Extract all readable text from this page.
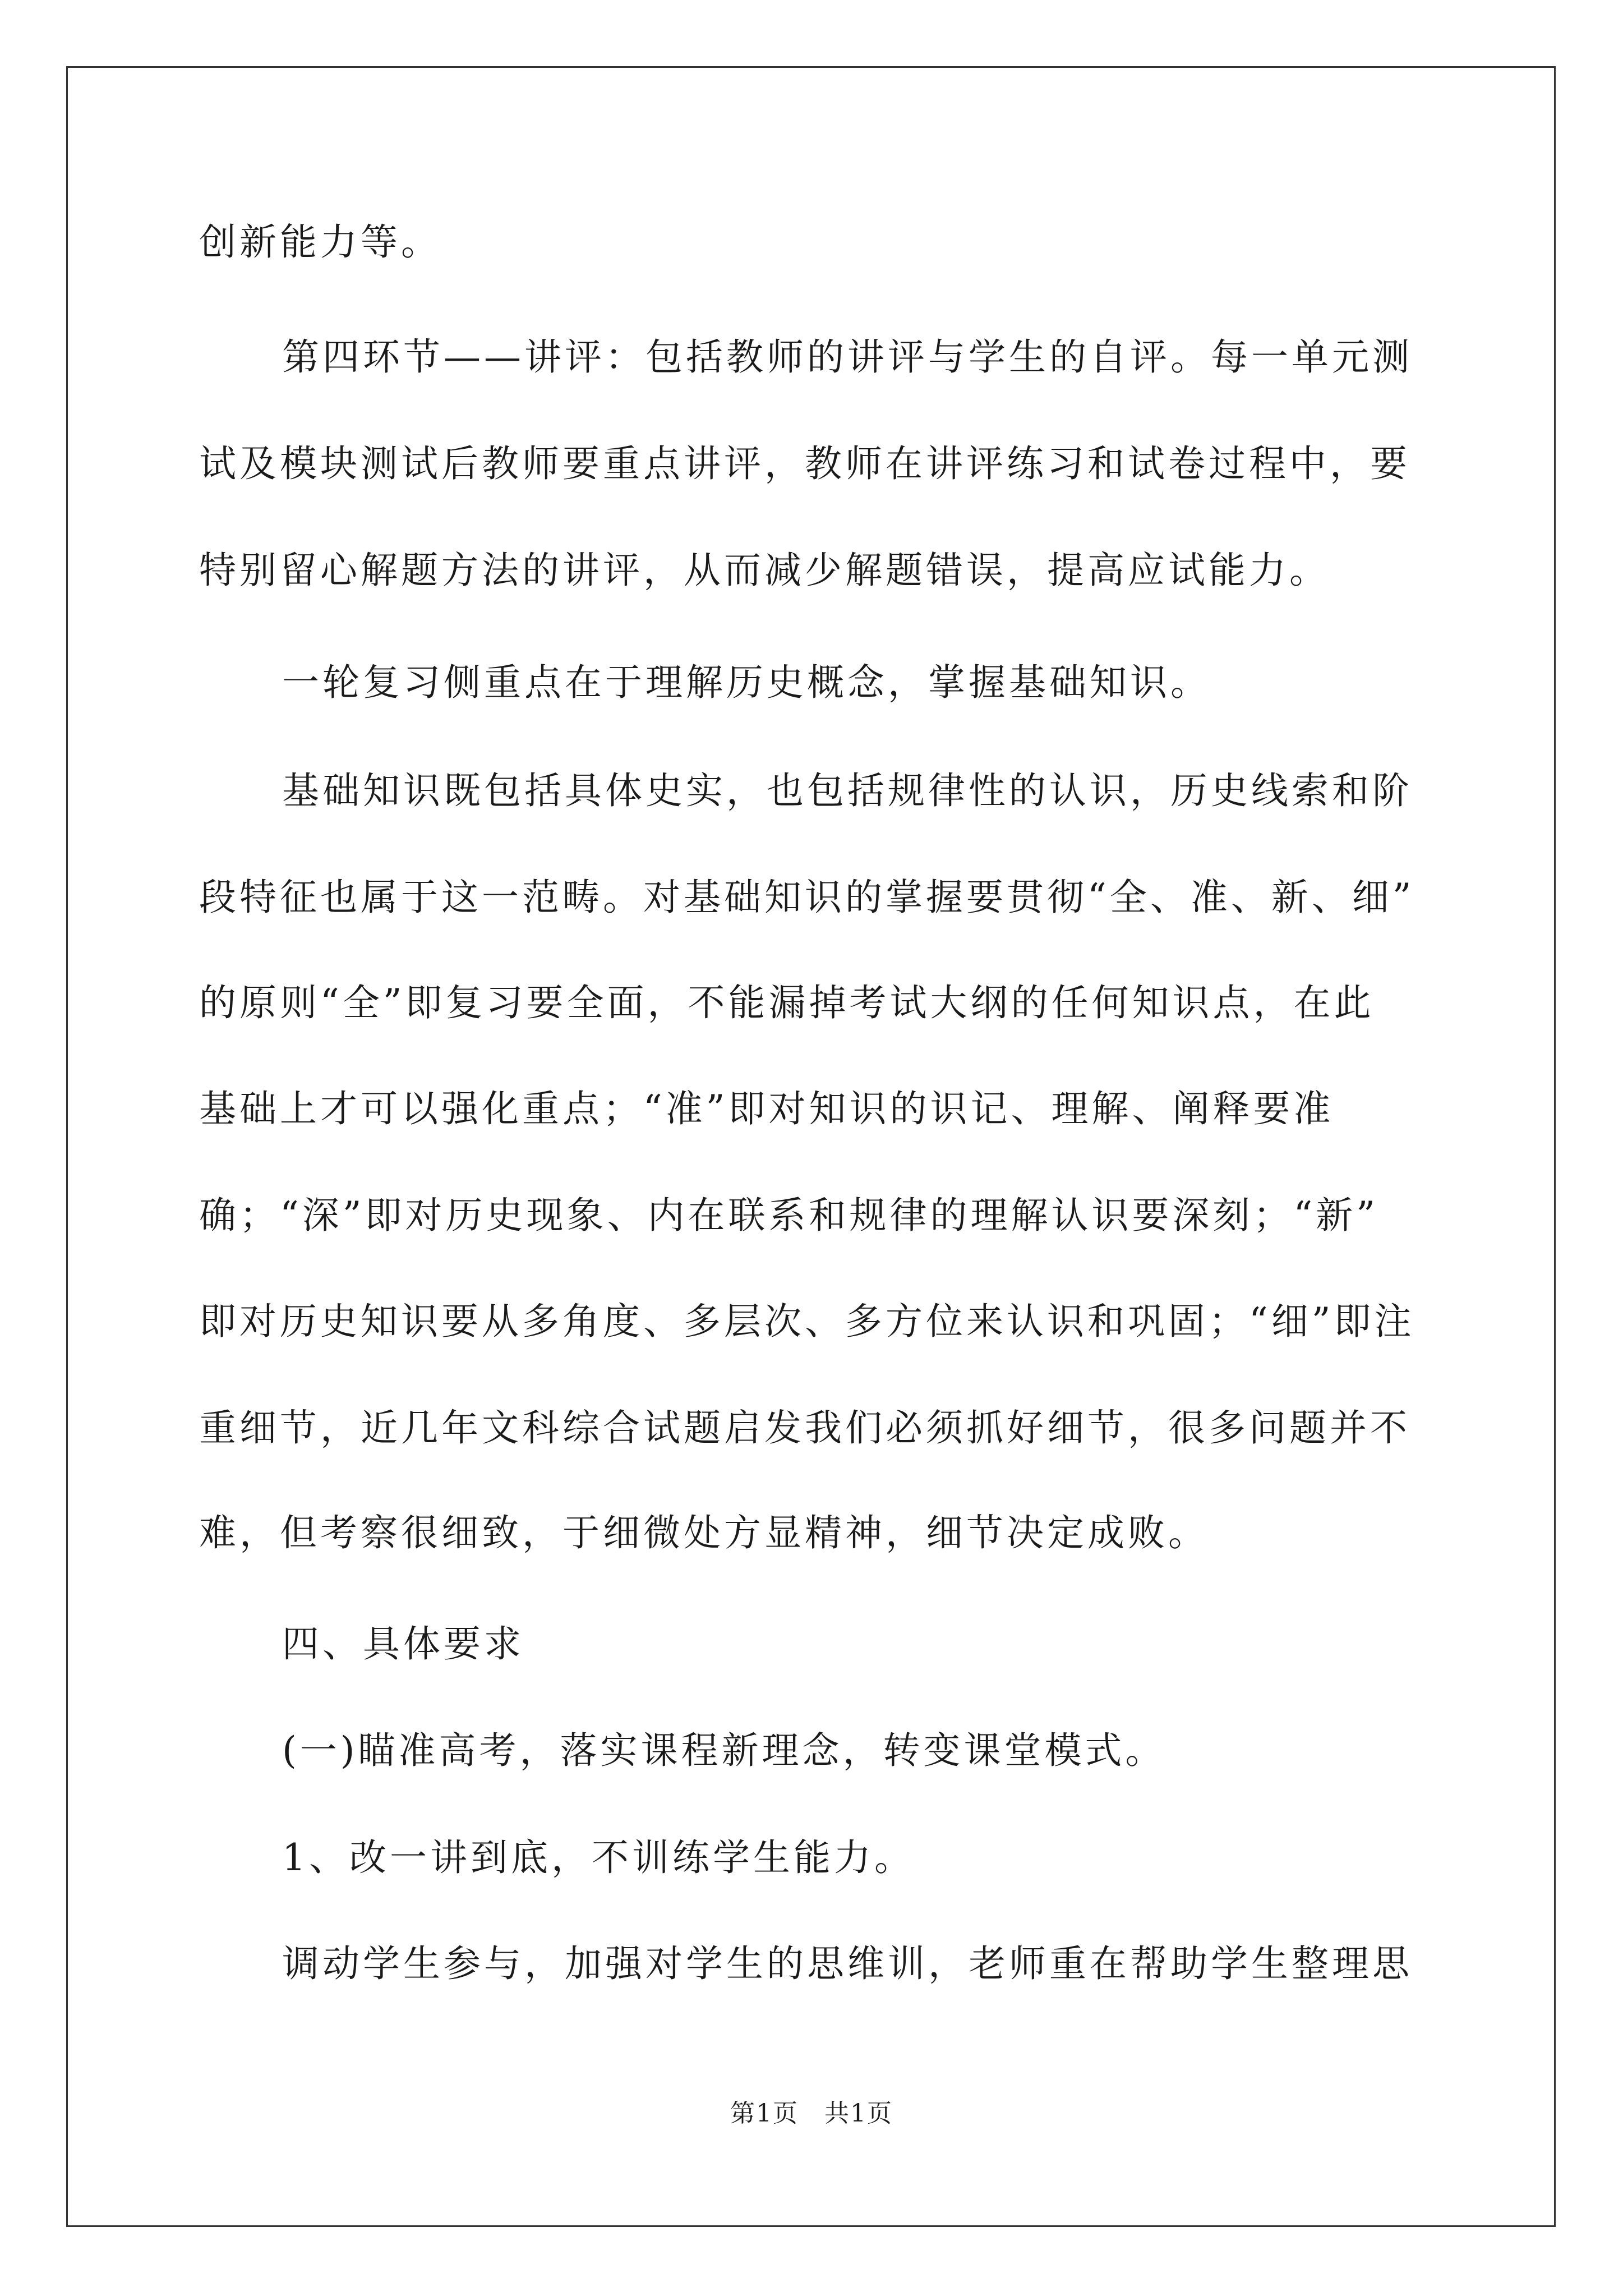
创新能力等。
第四环节——讲评：包括教师的讲评与学生的自评。每一单元测
试及模块测试后教师要重点讲评，教师在讲评练习和试卷过程中，要
特别留心解题方法的讲评，从而减少解题错误，提高应试能力。
一轮复习侧重点在于理解历史概念，掌握基础知识。
基础知识既包括具体史实，也包括规律性的认识，历史线索和阶
段特征也属于这一范畴。对基础知识的掌握要贯彻“全、准、新、细”
的原则“全”即复习要全面，不能漏掉考试大纲的任何知识点，在此
基础上才可以强化重点；“准”即对知识的识记、理解、阐释要准
确；“深”即对历史现象、内在联系和规律的理解认识要深刻；“新”
即对历史知识要从多角度、多层次、多方位来认识和巩固；“细”即注
重细节，近几年文科综合试题启发我们必须抓好细节，很多问题并不
难，但考察很细致，于细微处方显精神，细节决定成败。
四、具体要求
(一)瞄准高考，落实课程新理念，转变课堂模式。
1、改一讲到底，不训练学生能力。
调动学生参与，加强对学生的思维训，老师重在帮助学生整理思
第1页　共1页
